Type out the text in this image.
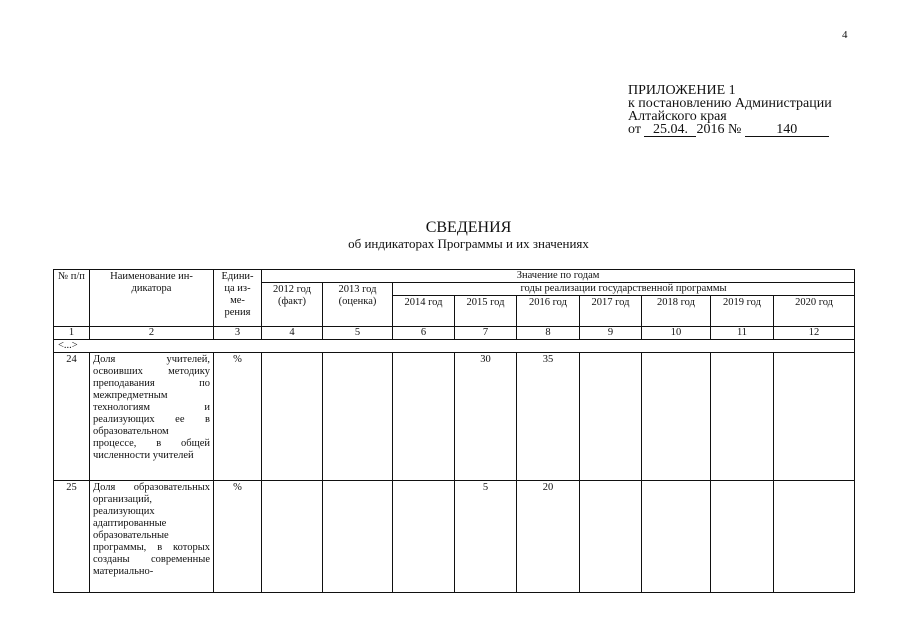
4
ПРИЛОЖЕНИЕ 1
к постановлению Администрации
Алтайского края
от 25.04. 2016 №	140
СВЕДЕНИЯ
об индикаторах Программы и их значениях
№ п/п	Наименование ин- дикатора	Едини- ца из- ме- рения	Значение по годам								
			2012 год (факт)	2013 год (оценка)	годы реализации государственной программы						
					2014 год	2015 год	2016 год	2017 год	2018 год	2019 год	2020 год
1	2	3	4	5	6	7	8	9	10	11	12
<...>											
24	Доля учителей, освоивших методику преподавания по межпредметным технологиям и реализующих ее в образовательном процессе, в общей численности учителей	%				30	35				
25	Доля образовательных организаций, реализующих адаптированные образовательные программы, в которых созданы современные материально-	%				5	20				
